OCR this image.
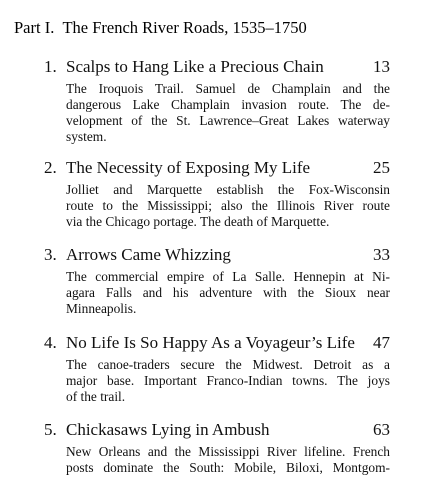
Part I. The French River Roads, 1535–1750
1. Scalps to Hang Like a Precious Chain	13
The Iroquois Trail. Samuel de Champlain and the
dangerous Lake Champlain invasion route. The de-
velopment of the St. Lawrence–Great Lakes waterway
system.
2. The Necessity of Exposing My Life	25
Jolliet and Marquette establish the Fox-Wisconsin
route to the Mississippi; also the Illinois River route
via the Chicago portage. The death of Marquette.
3. Arrows Came Whizzing	33
The commercial empire of La Salle. Hennepin at Ni-
agara Falls and his adventure with the Sioux near
Minneapolis.
4. No Life Is So Happy As a Voyageur’s Life 47
The canoe-traders secure the Midwest. Detroit as a
major base. Important Franco-Indian towns. The joys
of the trail.
5. Chickasaws Lying in Ambush	63
New Orleans and the Mississippi River lifeline. French
posts dominate the South: Mobile, Biloxi, Montgom-
